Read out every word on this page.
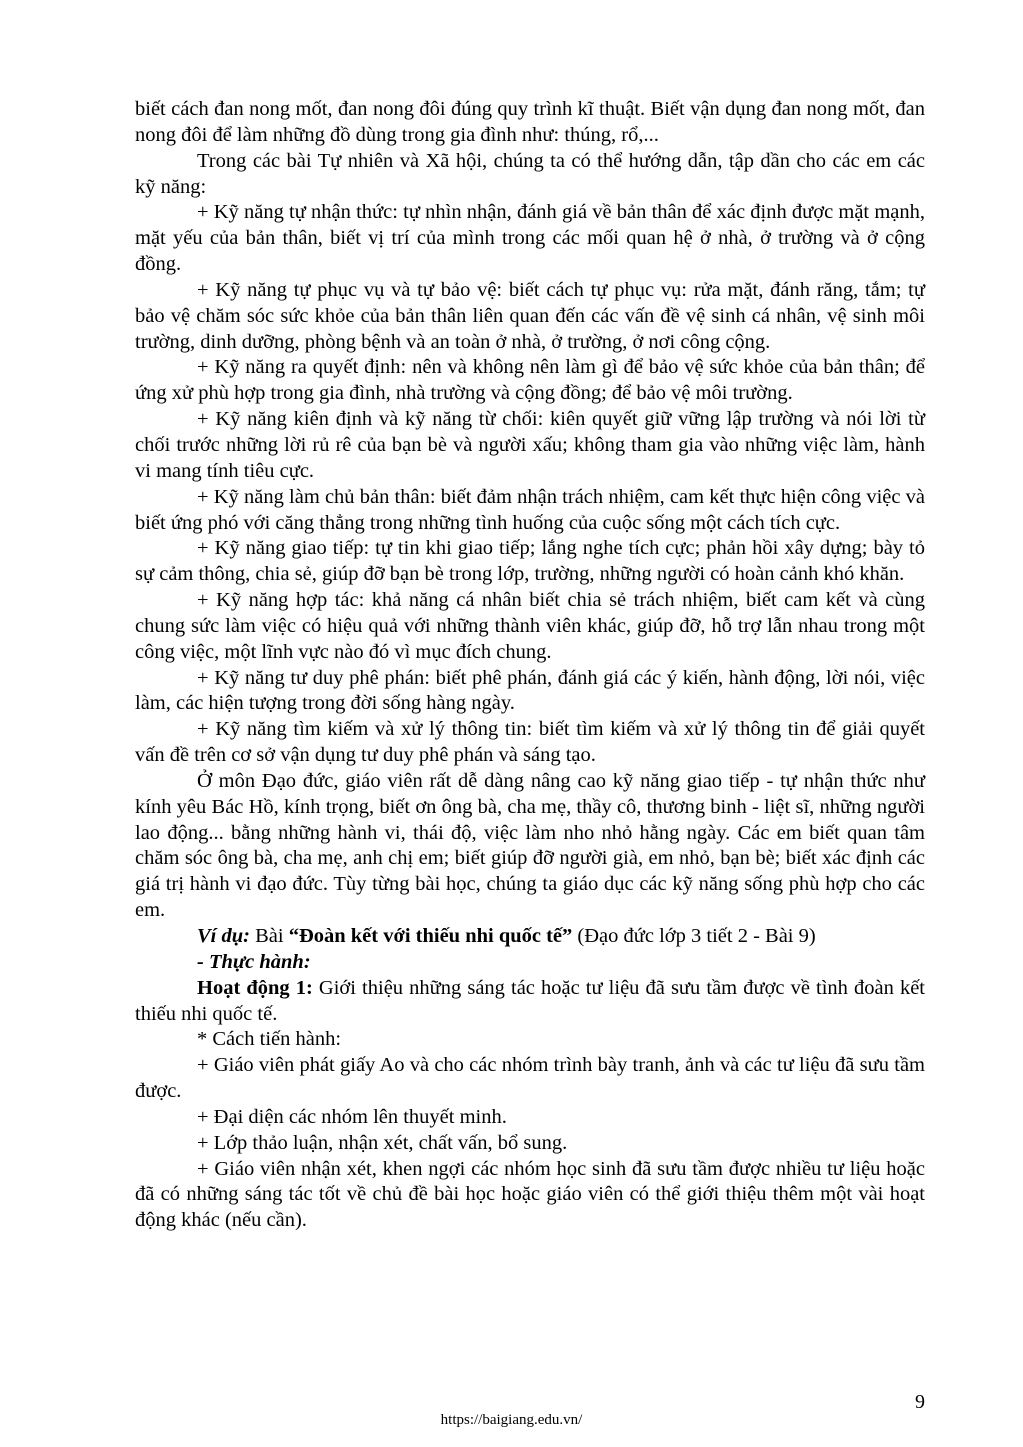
biết cách đan nong mốt, đan nong đôi đúng quy trình kĩ thuật. Biết vận dụng đan nong mốt, đan nong đôi để làm những đồ dùng trong gia đình như: thúng, rổ,...

Trong các bài Tự nhiên và Xã hội, chúng ta có thể hướng dẫn, tập dần cho các em các kỹ năng:

+ Kỹ năng tự nhận thức: tự nhìn nhận, đánh giá về bản thân để xác định được mặt mạnh, mặt yếu của bản thân, biết vị trí của mình trong các mối quan hệ ở nhà, ở trường và ở cộng đồng.

+ Kỹ năng tự phục vụ và tự bảo vệ: biết cách tự phục vụ: rửa mặt, đánh răng, tắm; tự bảo vệ chăm sóc sức khỏe của bản thân liên quan đến các vấn đề vệ sinh cá nhân, vệ sinh môi trường, dinh dưỡng, phòng bệnh và an toàn ở nhà, ở trường, ở nơi công cộng.

+ Kỹ năng ra quyết định: nên và không nên làm gì để bảo vệ sức khỏe của bản thân; để ứng xử phù hợp trong gia đình, nhà trường và cộng đồng; để bảo vệ môi trường.

+ Kỹ năng kiên định và kỹ năng từ chối: kiên quyết giữ vững lập trường và nói lời từ chối trước những lời rủ rê của bạn bè và người xấu; không tham gia vào những việc làm, hành vi mang tính tiêu cực.

+ Kỹ năng làm chủ bản thân: biết đảm nhận trách nhiệm, cam kết thực hiện công việc và biết ứng phó với căng thẳng trong những tình huống của cuộc sống một cách tích cực.

+ Kỹ năng giao tiếp: tự tin khi giao tiếp; lắng nghe tích cực; phản hồi xây dựng; bày tỏ sự cảm thông, chia sẻ, giúp đỡ bạn bè trong lớp, trường, những người có hoàn cảnh khó khăn.

+ Kỹ năng hợp tác: khả năng cá nhân biết chia sẻ trách nhiệm, biết cam kết và cùng chung sức làm việc có hiệu quả với những thành viên khác, giúp đỡ, hỗ trợ lẫn nhau trong một công việc, một lĩnh vực nào đó vì mục đích chung.

+ Kỹ năng tư duy phê phán: biết phê phán, đánh giá các ý kiến, hành động, lời nói, việc làm, các hiện tượng trong đời sống hàng ngày.

+ Kỹ năng tìm kiếm và xử lý thông tin: biết tìm kiếm và xử lý thông tin để giải quyết vấn đề trên cơ sở vận dụng tư duy phê phán và sáng tạo.

Ở môn Đạo đức, giáo viên rất dễ dàng nâng cao kỹ năng giao tiếp - tự nhận thức như kính yêu Bác Hồ, kính trọng, biết ơn ông bà, cha mẹ, thầy cô, thương binh - liệt sĩ, những người lao động... bằng những hành vi, thái độ, việc làm nho nhỏ hằng ngày. Các em biết quan tâm chăm sóc ông bà, cha mẹ, anh chị em; biết giúp đỡ người già, em nhỏ, bạn bè; biết xác định các giá trị hành vi đạo đức. Tùy từng bài học, chúng ta giáo dục các kỹ năng sống phù hợp cho các em.

Ví dụ: Bài “Đoàn kết với thiếu nhi quốc tế” (Đạo đức lớp 3 tiết 2 - Bài 9)

- Thực hành:

Hoạt động 1: Giới thiệu những sáng tác hoặc tư liệu đã sưu tầm được về tình đoàn kết thiếu nhi quốc tế.

* Cách tiến hành:

+ Giáo viên phát giấy Ao và cho các nhóm trình bày tranh, ảnh và các tư liệu đã sưu tầm được.

+ Đại diện các nhóm lên thuyết minh.

+ Lớp thảo luận, nhận xét, chất vấn, bổ sung.

+ Giáo viên nhận xét, khen ngợi các nhóm học sinh đã sưu tầm được nhiều tư liệu hoặc đã có những sáng tác tốt về chủ đề bài học hoặc giáo viên có thể giới thiệu thêm một vài hoạt động khác (nếu cần).

9
https://baigiang.edu.vn/
